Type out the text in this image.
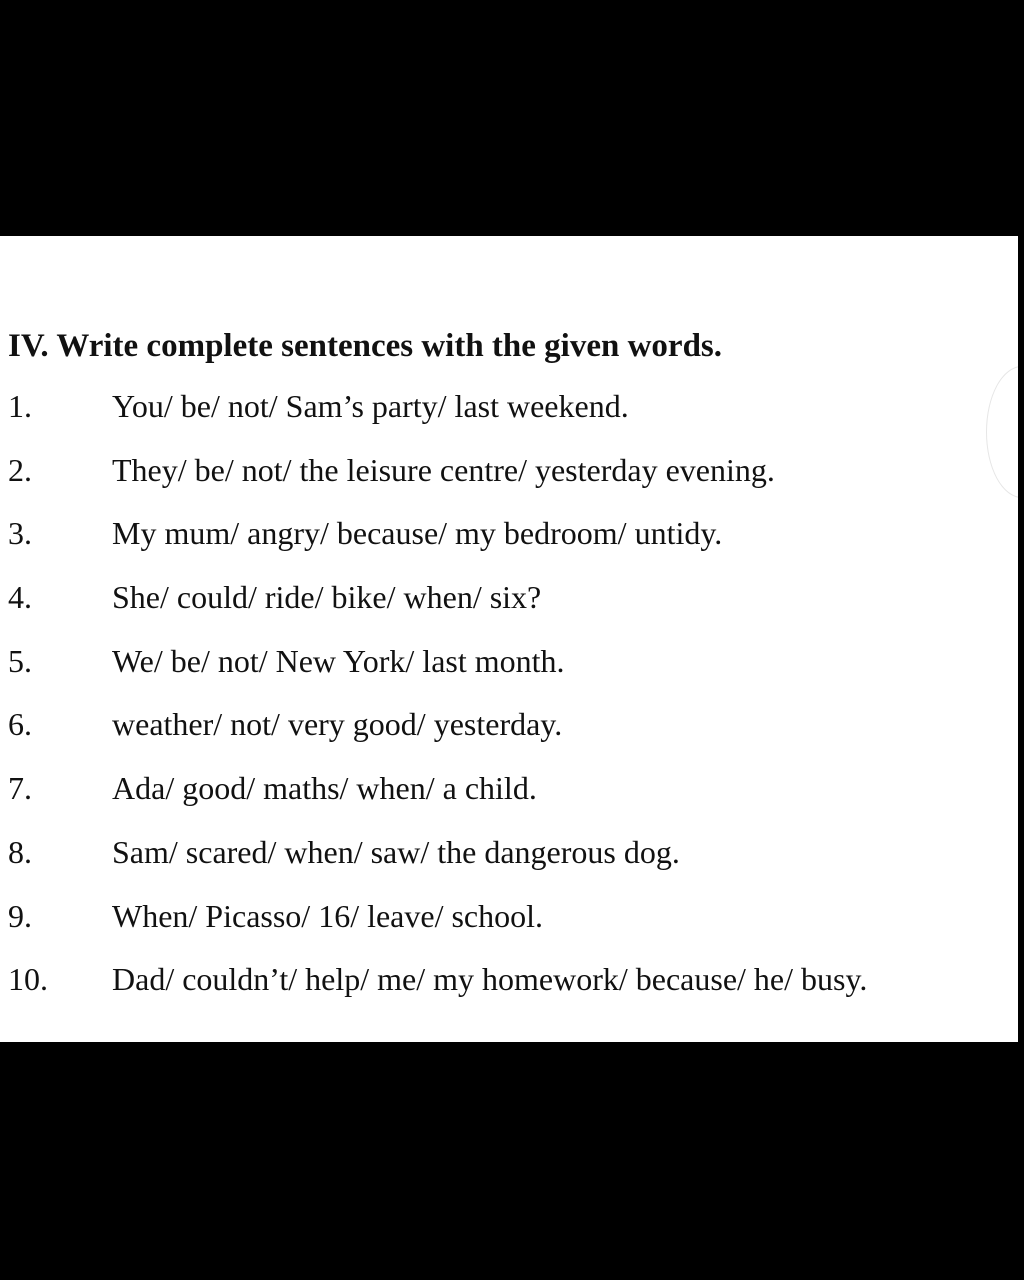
IV. Write complete sentences with the given words.
1.	You/ be/ not/ Sam’s party/ last weekend.
2.	They/ be/ not/ the leisure centre/ yesterday evening.
3.	My mum/ angry/ because/ my bedroom/ untidy.
4.	She/ could/ ride/ bike/ when/ six?
5.	We/ be/ not/ New York/ last month.
6.	weather/ not/ very good/ yesterday.
7.	Ada/ good/ maths/ when/ a child.
8.	Sam/ scared/ when/ saw/ the dangerous dog.
9.	When/ Picasso/ 16/ leave/ school.
10. Dad/ couldn’t/ help/ me/ my homework/ because/ he/ busy.
